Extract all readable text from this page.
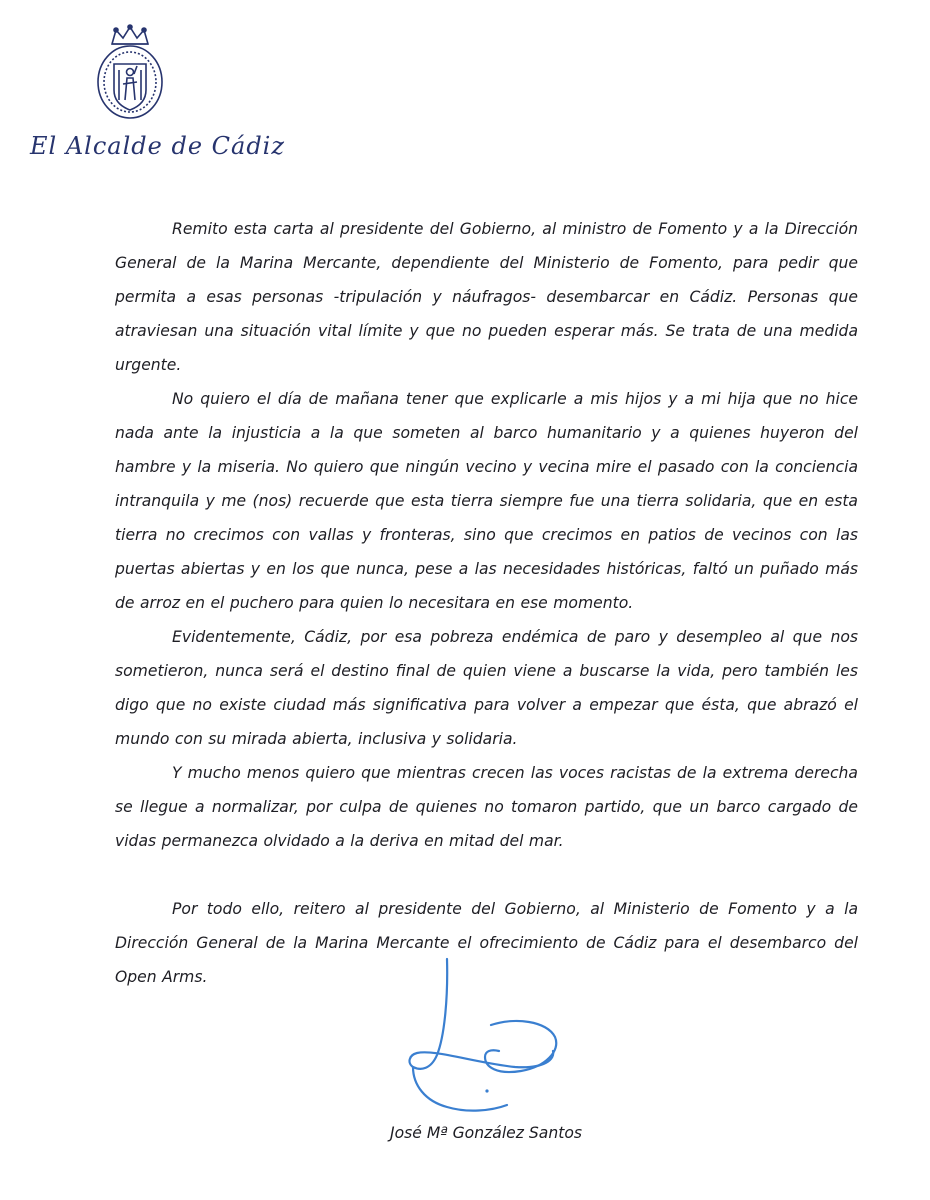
El Alcalde de Cádiz

Remito esta carta al presidente del Gobierno, al ministro de Fomento y a la Dirección General de la Marina Mercante, dependiente del Ministerio de Fomento, para pedir que permita a esas personas -tripulación y náufragos- desembarcar en Cádiz. Personas que atraviesan una situación vital límite y que no pueden esperar más. Se trata de una medida urgente.

No quiero el día de mañana tener que explicarle a mis hijos y a mi hija que no hice nada ante la injusticia a la que someten al barco humanitario y a quienes huyeron del hambre y la miseria. No quiero que ningún vecino y vecina mire el pasado con la conciencia intranquila y me (nos) recuerde que esta tierra siempre fue una tierra solidaria, que en esta tierra no crecimos con vallas y fronteras, sino que crecimos en patios de vecinos con las puertas abiertas y en los que nunca, pese a las necesidades históricas, faltó un puñado más de arroz en el puchero para quien lo necesitara en ese momento.

Evidentemente, Cádiz, por esa pobreza endémica de paro y desempleo al que nos sometieron, nunca será el destino final de quien viene a buscarse la vida, pero también les digo que no existe ciudad más significativa para volver a empezar que ésta, que abrazó el mundo con su mirada abierta, inclusiva y solidaria.

Y mucho menos quiero que mientras crecen las voces racistas de la extrema derecha se llegue a normalizar, por culpa de quienes no tomaron partido, que un barco cargado de vidas permanezca olvidado a la deriva en mitad del mar.

Por todo ello, reitero al presidente del Gobierno, al Ministerio de Fomento y a la Dirección General de la Marina Mercante el ofrecimiento de Cádiz para el desembarco del Open Arms.

José Mª González Santos
